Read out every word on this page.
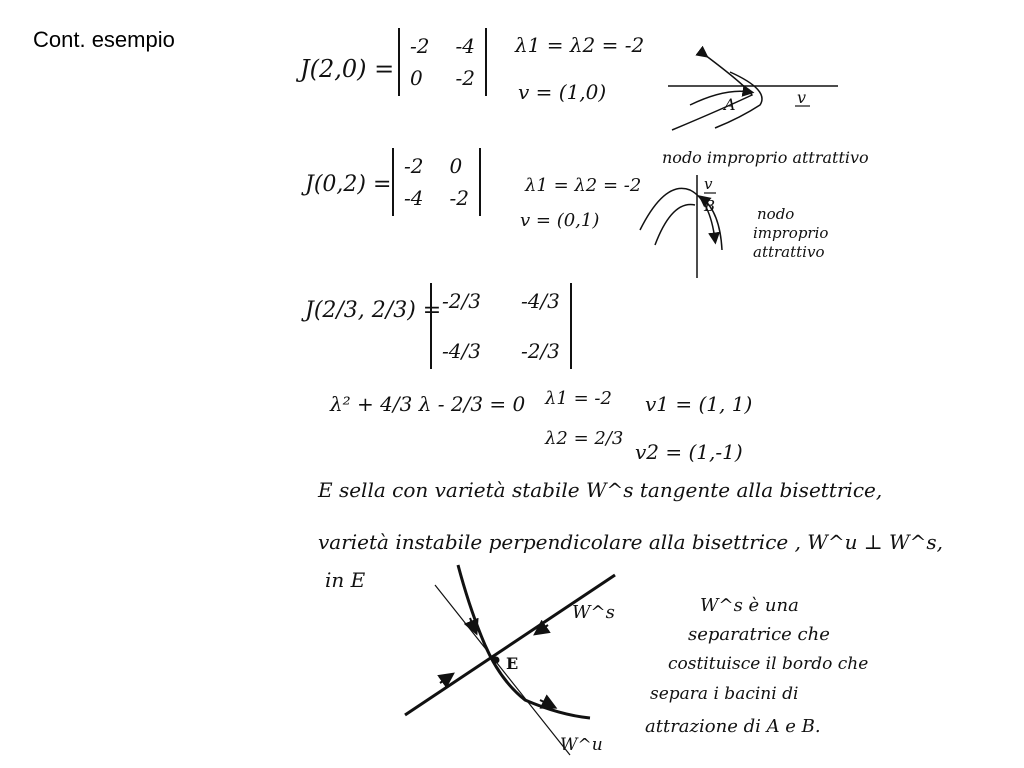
Cont. esempio
J(2,0) =
-2 -4
0	-2
λ1 = λ2 = -2
v = (1,0)
J(0,2) =
-2 0
-4 -2
λ1 = λ2 = -2
v = (0,1)
J(2/3, 2/3) = -2/3 -4/3
-4/3 -2/3
λ² + 4/3 λ - 2/3 = 0 λ1 = -2
λ2 = 2/3
v1 = (1, 1)
v2 = (1,-1)
E sella con varietà stabile W^s tangente alla bisettrice,
varietà instabile perpendicolare alla bisettrice , W^u ⊥ W^s,
in E
W^s è una
separatrice che
costituisce il bordo che
separa i bacini di
attrazione di A e B.
A	v
nodo improprio attrattivo
v
B	nodo
improprio
attrattivo
E
W^s
W^u
